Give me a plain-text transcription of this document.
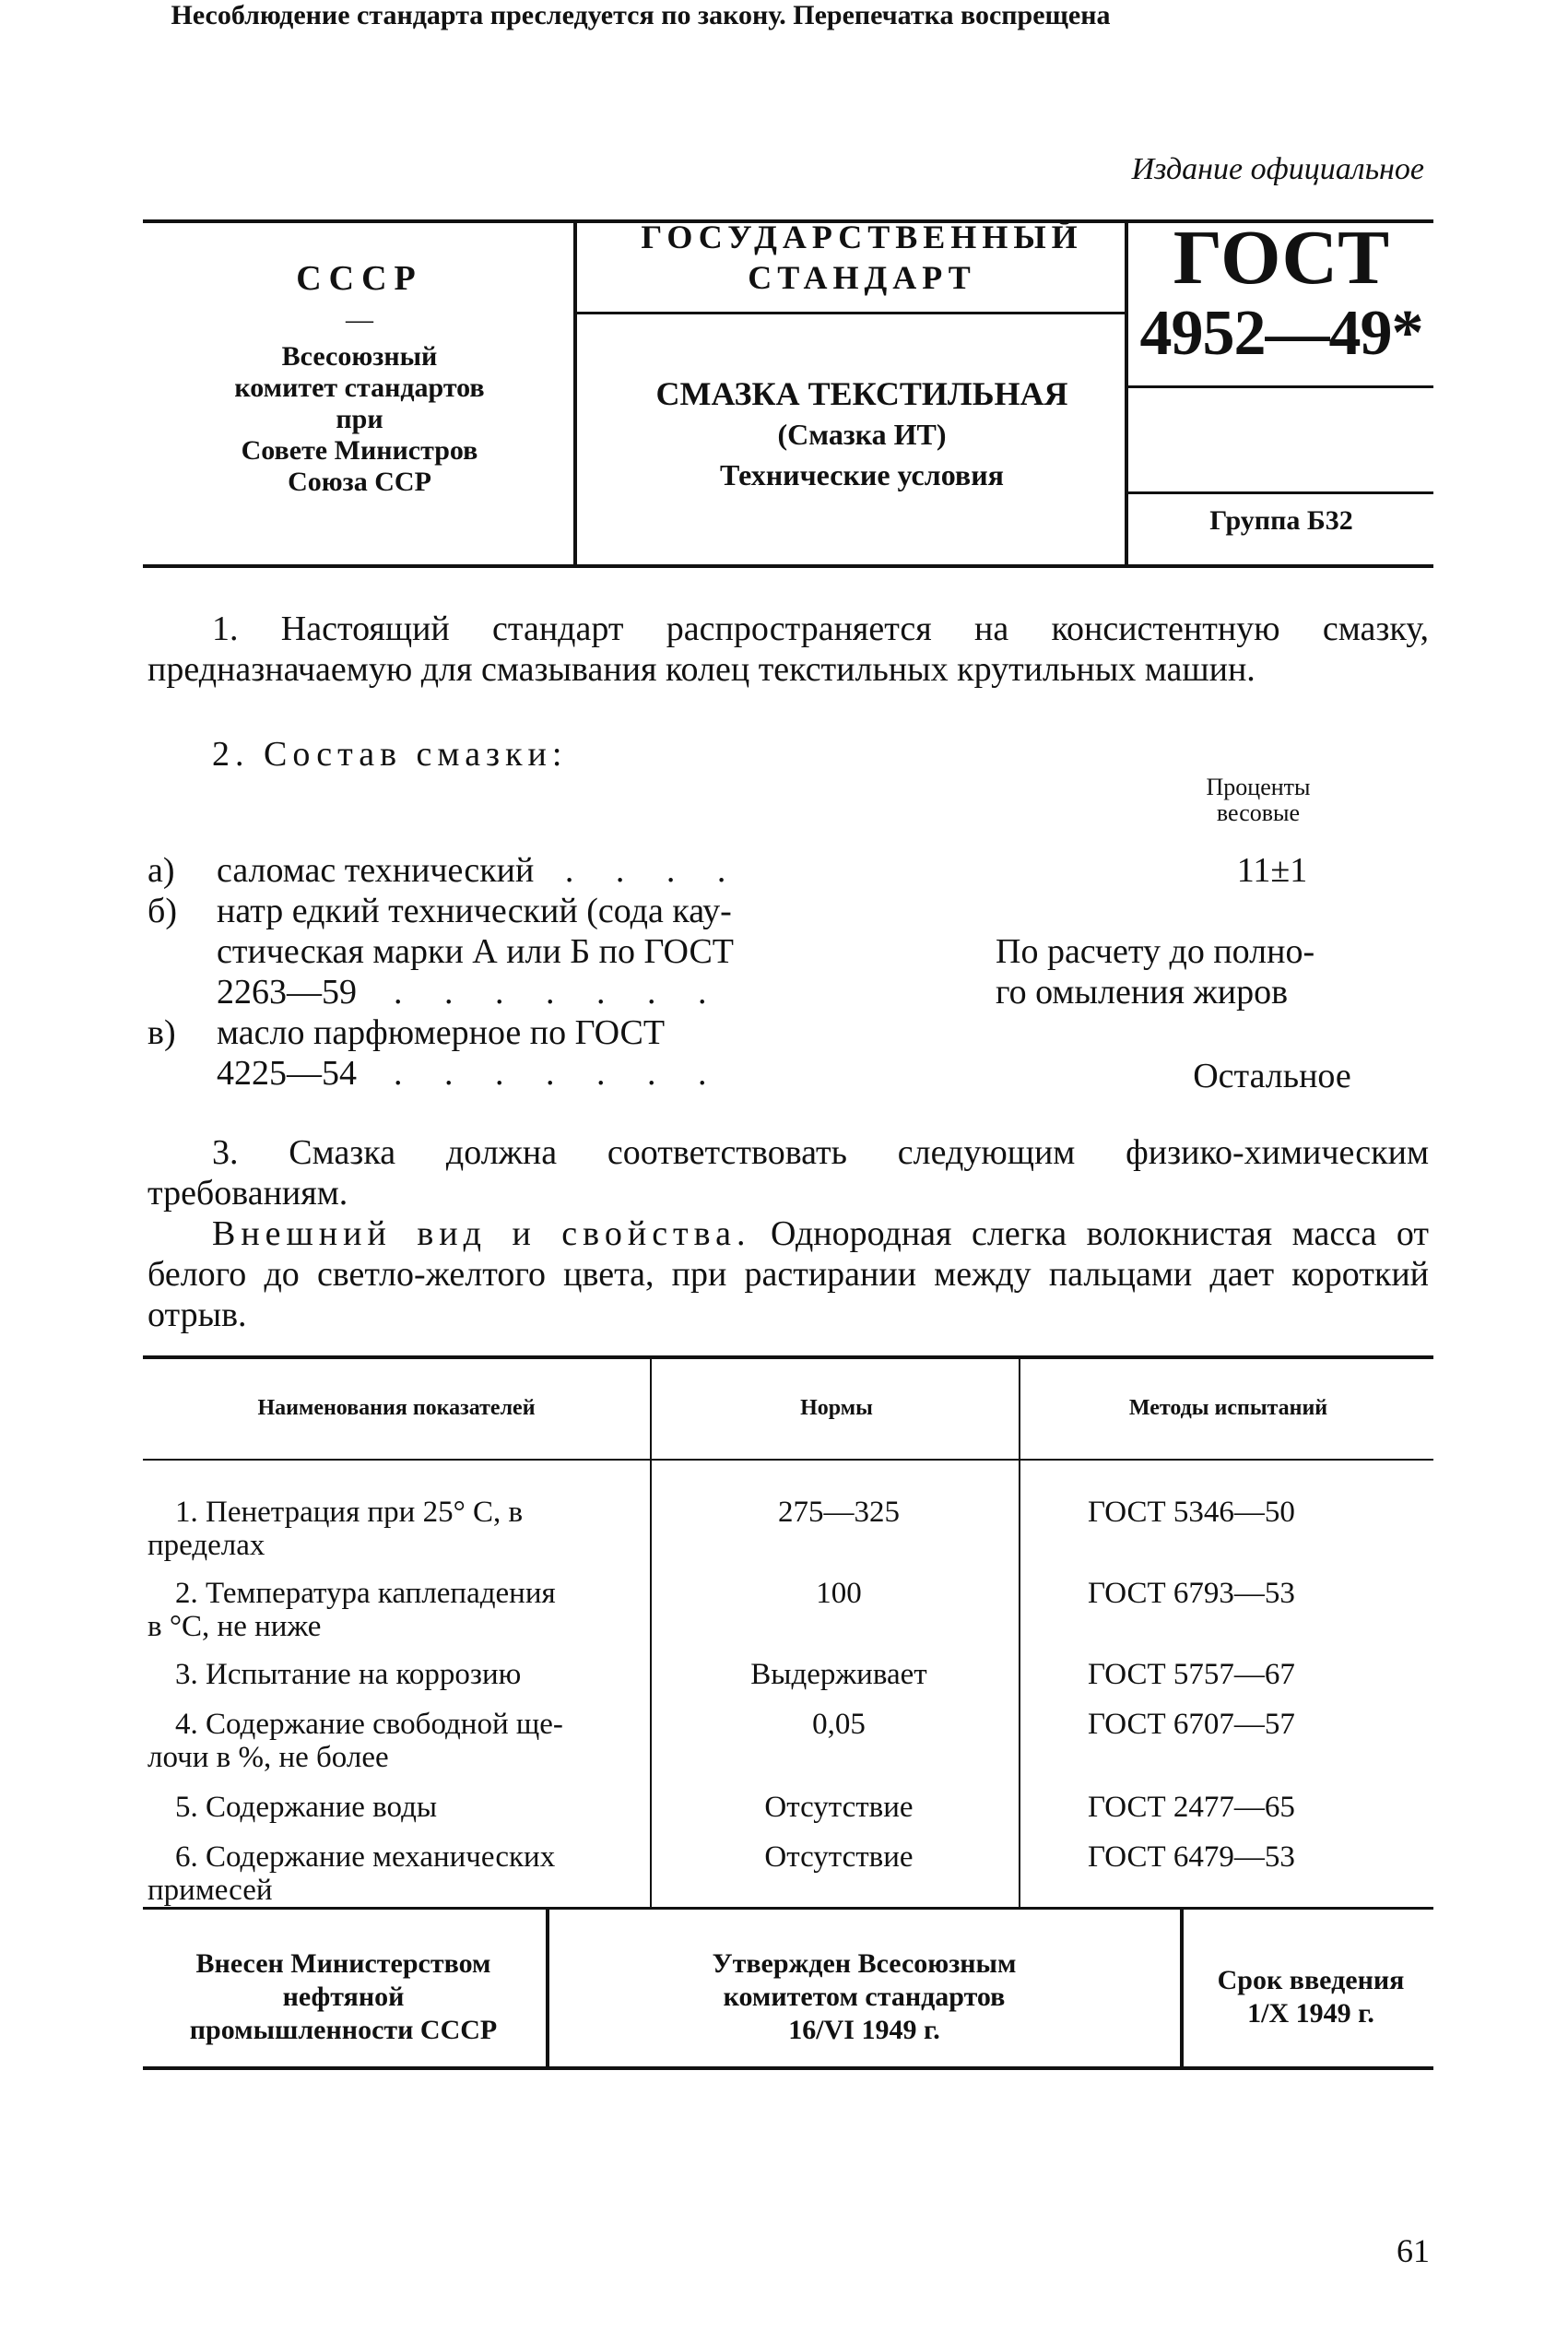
Издание официальное
СССР
—
Всесоюзный
комитет стандартов
при
Совете Министров
Союза ССР
ГОСУДАРСТВЕННЫЙ
СТАНДАРТ
СМАЗКА ТЕКСТИЛЬНАЯ
(Смазка ИТ)
Технические условия
ГОСТ
4952—49*
Группа Б32
1. Настоящий стандарт распространяется на консистентную смазку, предназначаемую для смазывания колец текстильных крутильных машин.
2. Состав смазки:
Проценты
весовые
а) саломас технический . . . .	11±1
б) натр едкий технический (сода кау-
стическая марки А или Б по ГОСТ
2263—59 . . . . . . .
По расчету до полно-
го омыления жиров
в) масло парфюмерное по ГОСТ
4225—54 . . . . . . .	Остальное
3. Смазка должна соответствовать следующим физико-химическим требованиям.
Внешний вид и свойства. Однородная слегка волокнистая масса от белого до светло-желтого цвета, при растирании между пальцами дает короткий отрыв.
Наименования показателей	Нормы	Методы испытаний
1. Пенетрация при 25° С, в
пределах
275—325	ГОСТ 5346—50
2. Температура каплепадения
в °С, не ниже
100	ГОСТ 6793—53
3. Испытание на коррозию	Выдерживает	ГОСТ 5757—67
4. Содержание свободной ще-
лочи в %, не более
0,05	ГОСТ 6707—57
5. Содержание воды	Отсутствие	ГОСТ 2477—65
6. Содержание механических
примесей
Отсутствие	ГОСТ 6479—53
Внесен Министерством
нефтяной
промышленности СССР
Утвержден Всесоюзным
комитетом стандартов
16/VI 1949 г.
Срок введения
1/X 1949 г.
Несоблюдение стандарта преследуется по закону. Перепечатка воспрещена
61
